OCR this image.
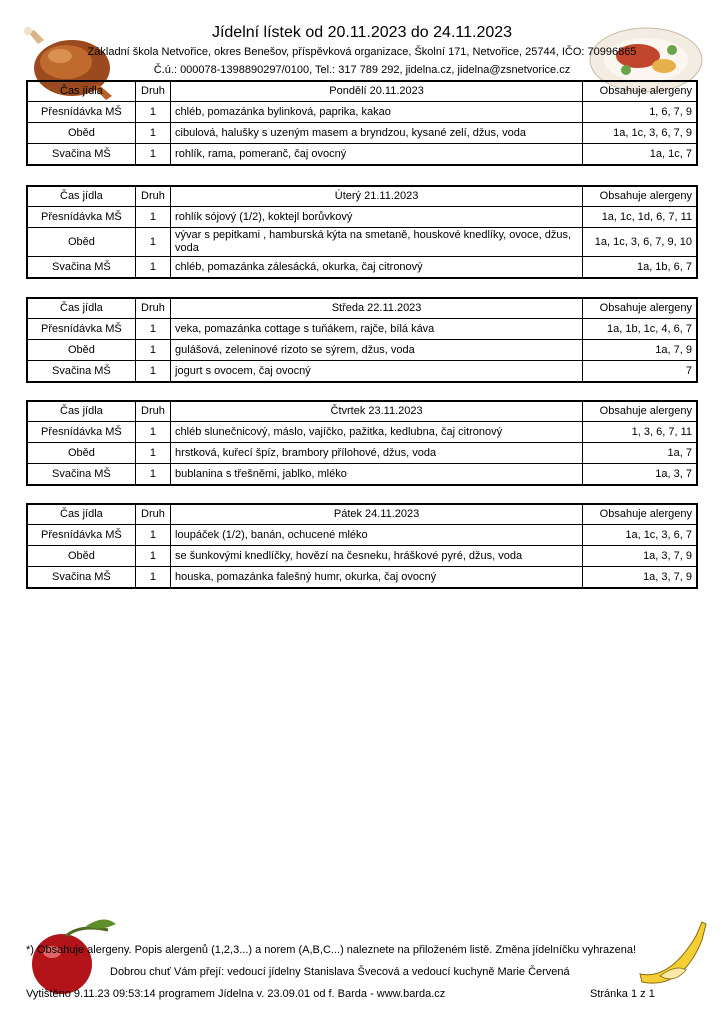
Jídelní lístek od 20.11.2023 do 24.11.2023
Základní škola Netvořice, okres Benešov, příspěvková organizace, Školní 171, Netvořice, 25744, IČO: 70996865
Č.ú.: 000078-1398890297/0100, Tel.: 317 789 292, jidelna.cz, jidelna@zsnetvorice.cz
Čas jídla	Druh	Pondělí 20.11.2023	Obsahuje alergeny
Přesnídávka MŠ	1	chléb, pomazánka bylinková, paprika, kakao	1, 6, 7, 9
Oběd	1	cibulová, halušky s uzeným masem a bryndzou, kysané zelí, džus, voda	1a, 1c, 3, 6, 7, 9
Svačina MŠ	1	rohlík, rama, pomeranč, čaj ovocný	1a, 1c, 7
Čas jídla	Druh	Úterý 21.11.2023	Obsahuje alergeny
Přesnídávka MŠ	1	rohlík sójový (1/2), koktejl borůvkový	1a, 1c, 1d, 6, 7, 11
Oběd	1	vývar s pepitkami , hamburská kýta na smetaně, houskové knedlíky, ovoce, džus, voda	1a, 1c, 3, 6, 7, 9, 10
Svačina MŠ	1	chléb, pomazánka zálesácká, okurka, čaj citronový	1a, 1b, 6, 7
Čas jídla	Druh	Středa 22.11.2023	Obsahuje alergeny
Přesnídávka MŠ	1	veka, pomazánka cottage s tuňákem, rajče, bílá káva	1a, 1b, 1c, 4, 6, 7
Oběd	1	gulášová, zeleninové rizoto se sýrem, džus, voda	1a, 7, 9
Svačina MŠ	1	jogurt s ovocem, čaj ovocný	7
Čas jídla	Druh	Čtvrtek 23.11.2023	Obsahuje alergeny
Přesnídávka MŠ	1	chléb slunečnicový, máslo, vajíčko, pažitka, kedlubna, čaj citronový	1, 3, 6, 7, 11
Oběd	1	hrstková, kuřecí špíz, brambory přílohové, džus, voda	1a, 7
Svačina MŠ	1	bublanina s třešněmi, jablko, mléko	1a, 3, 7
Čas jídla	Druh	Pátek 24.11.2023	Obsahuje alergeny
Přesnídávka MŠ	1	loupáček (1/2), banán, ochucené mléko	1a, 1c, 3, 6, 7
Oběd	1	se šunkovými knedlíčky, hovězí na česneku, hráškové pyré, džus, voda	1a, 3, 7, 9
Svačina MŠ	1	houska, pomazánka falešný humr, okurka, čaj ovocný	1a, 3, 7, 9
*) Obsahuje alergeny. Popis alergenů (1,2,3...) a norem (A,B,C...) naleznete na přiloženém listě. Změna jídelníčku vyhrazena!
Dobrou chuť Vám přejí: vedoucí jídelny Stanislava Švecová a vedoucí kuchyně Marie Červená
Vytištěno 9.11.23 09:53:14 programem Jídelna v. 23.09.01 od f. Barda - www.barda.cz	Stránka 1 z 1
